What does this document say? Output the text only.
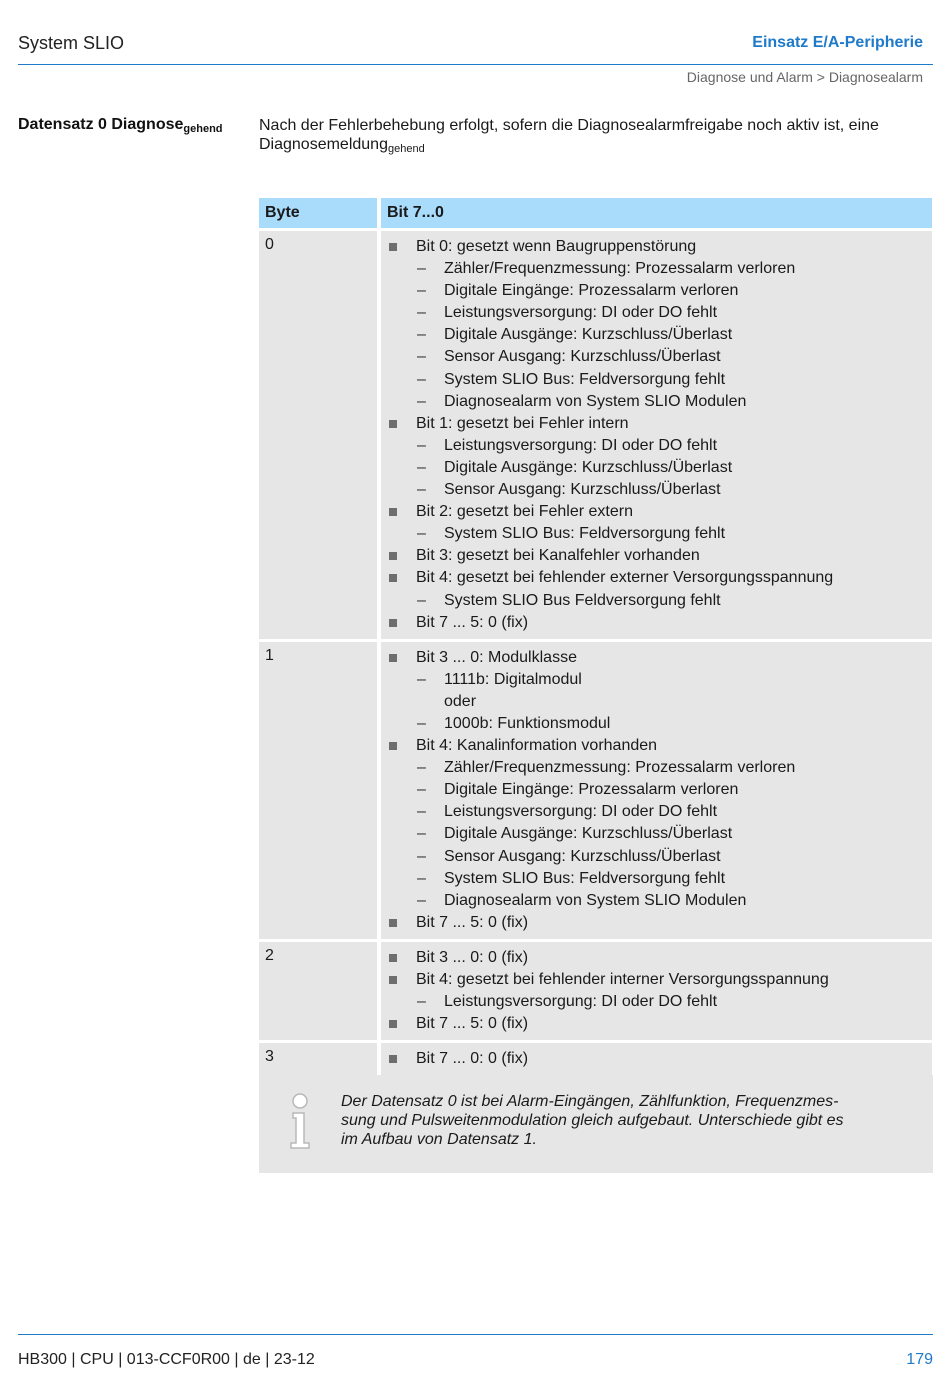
System SLIO	Einsatz E/A-Peripherie
Diagnose und Alarm > Diagnosealarm
Datensatz 0 Diagnose$_{gehend}$ Nach der Fehlerbehebung erfolgt, sofern die Diagnosealarmfreigabe noch aktiv ist, eine
Diagnosemeldung$_{gehend}$
Byte	Bit 7...0
0	Bit 0: gesetzt wenn Baugruppenstörung
– Zähler/Frequenzmessung: Prozessalarm verloren
– Digitale Eingänge: Prozessalarm verloren
– Leistungsversorgung: DI oder DO fehlt
– Digitale Ausgänge: Kurzschluss/Überlast
– Sensor Ausgang: Kurzschluss/Überlast
– System SLIO Bus: Feldversorgung fehlt
– Diagnosealarm von System SLIO Modulen
Bit 1: gesetzt bei Fehler intern
– Leistungsversorgung: DI oder DO fehlt
– Digitale Ausgänge: Kurzschluss/Überlast
– Sensor Ausgang: Kurzschluss/Überlast
Bit 2: gesetzt bei Fehler extern
– System SLIO Bus: Feldversorgung fehlt
Bit 3: gesetzt bei Kanalfehler vorhanden
Bit 4: gesetzt bei fehlender externer Versorgungsspannung
– System SLIO Bus Feldversorgung fehlt
Bit 7 ... 5: 0 (fix)
1	Bit 3 ... 0: Modulklasse
– 1111b: Digitalmodul
oder
– 1000b: Funktionsmodul
Bit 4: Kanalinformation vorhanden
– Zähler/Frequenzmessung: Prozessalarm verloren
– Digitale Eingänge: Prozessalarm verloren
– Leistungsversorgung: DI oder DO fehlt
– Digitale Ausgänge: Kurzschluss/Überlast
– Sensor Ausgang: Kurzschluss/Überlast
– System SLIO Bus: Feldversorgung fehlt
– Diagnosealarm von System SLIO Modulen
Bit 7 ... 5: 0 (fix)
2	Bit 3 ... 0: 0 (fix)
Bit 4: gesetzt bei fehlender interner Versorgungsspannung
– Leistungsversorgung: DI oder DO fehlt
Bit 7 ... 5: 0 (fix)
3	Bit 7 ... 0: 0 (fix)
Der Datensatz 0 ist bei Alarm-Eingängen, Zählfunktion, Frequenzmes-
sung und Pulsweitenmodulation gleich aufgebaut. Unterschiede gibt es
im Aufbau von Datensatz 1.
HB300 | CPU | 013-CCF0R00 | de | 23-12	179
